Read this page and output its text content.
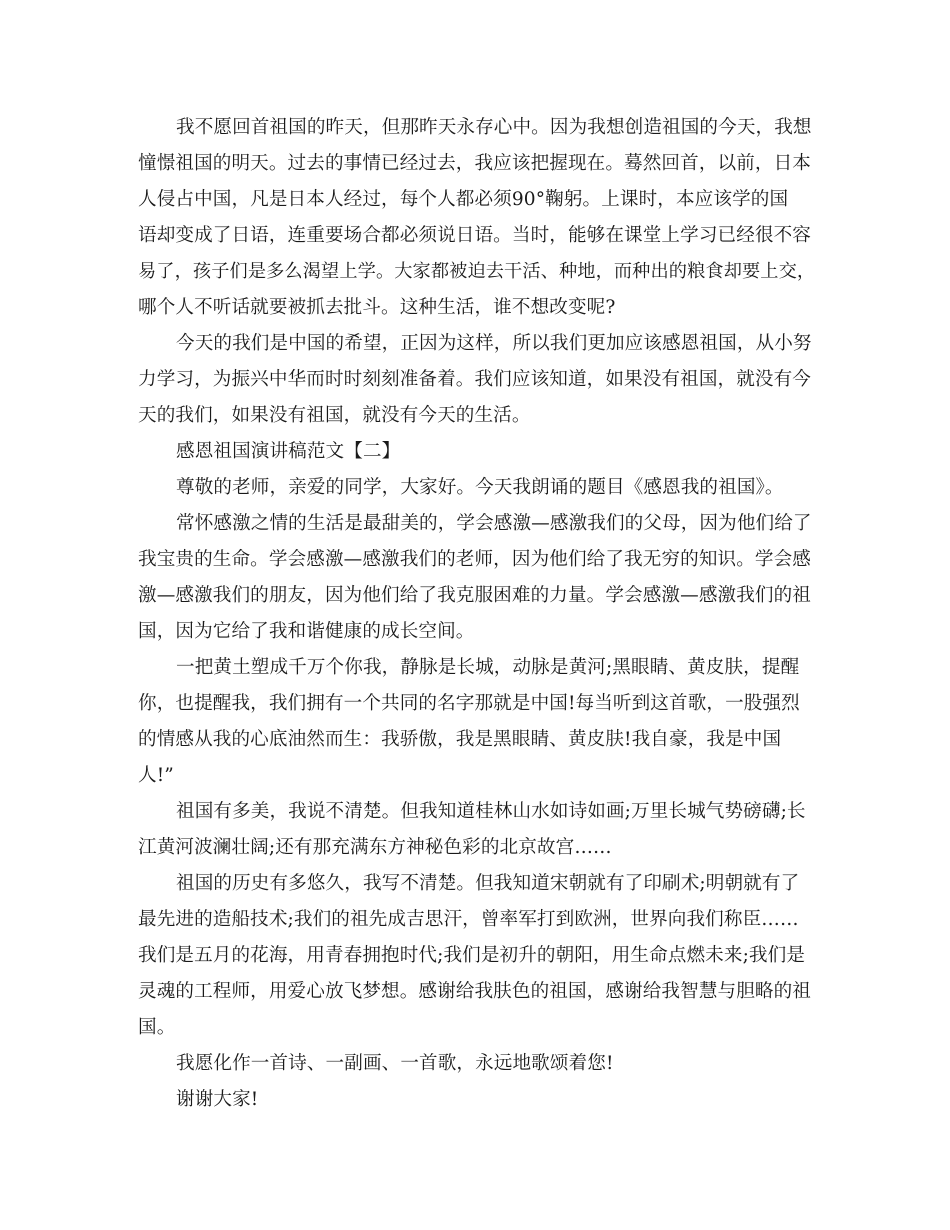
我不愿回首祖国的昨天，但那昨天永存心中。因为我想创造祖国的今天，我想
憧憬祖国的明天。过去的事情已经过去，我应该把握现在。蓦然回首，以前，日本
人侵占中国，凡是日本人经过，每个人都必须90°鞠躬。上课时，本应该学的国
语却变成了日语，连重要场合都必须说日语。当时，能够在课堂上学习已经很不容
易了，孩子们是多么渴望上学。大家都被迫去干活、种地，而种出的粮食却要上交，
哪个人不听话就要被抓去批斗。这种生活，谁不想改变呢?
今天的我们是中国的希望，正因为这样，所以我们更加应该感恩祖国，从小努
力学习，为振兴中华而时时刻刻准备着。我们应该知道，如果没有祖国，就没有今
天的我们，如果没有祖国，就没有今天的生活。
感恩祖国演讲稿范文【二】
尊敬的老师，亲爱的同学，大家好。今天我朗诵的题目《感恩我的祖国》。
常怀感激之情的生活是最甜美的，学会感激—感激我们的父母，因为他们给了
我宝贵的生命。学会感激—感激我们的老师，因为他们给了我无穷的知识。学会感
激—感激我们的朋友，因为他们给了我克服困难的力量。学会感激—感激我们的祖
国，因为它给了我和谐健康的成长空间。
一把黄土塑成千万个你我，静脉是长城，动脉是黄河;黑眼睛、黄皮肤，提醒
你，也提醒我，我们拥有一个共同的名字那就是中国!每当听到这首歌，一股强烈
的情感从我的心底油然而生：我骄傲，我是黑眼睛、黄皮肤!我自豪，我是中国
人!”
祖国有多美，我说不清楚。但我知道桂林山水如诗如画;万里长城气势磅礴;长
江黄河波澜壮阔;还有那充满东方神秘色彩的北京故宫……
祖国的历史有多悠久，我写不清楚。但我知道宋朝就有了印刷术;明朝就有了
最先进的造船技术;我们的祖先成吉思汗，曾率军打到欧洲，世界向我们称臣……
我们是五月的花海，用青春拥抱时代;我们是初升的朝阳，用生命点燃未来;我们是
灵魂的工程师，用爱心放飞梦想。感谢给我肤色的祖国，感谢给我智慧与胆略的祖
国。
我愿化作一首诗、一副画、一首歌，永远地歌颂着您!
谢谢大家!
